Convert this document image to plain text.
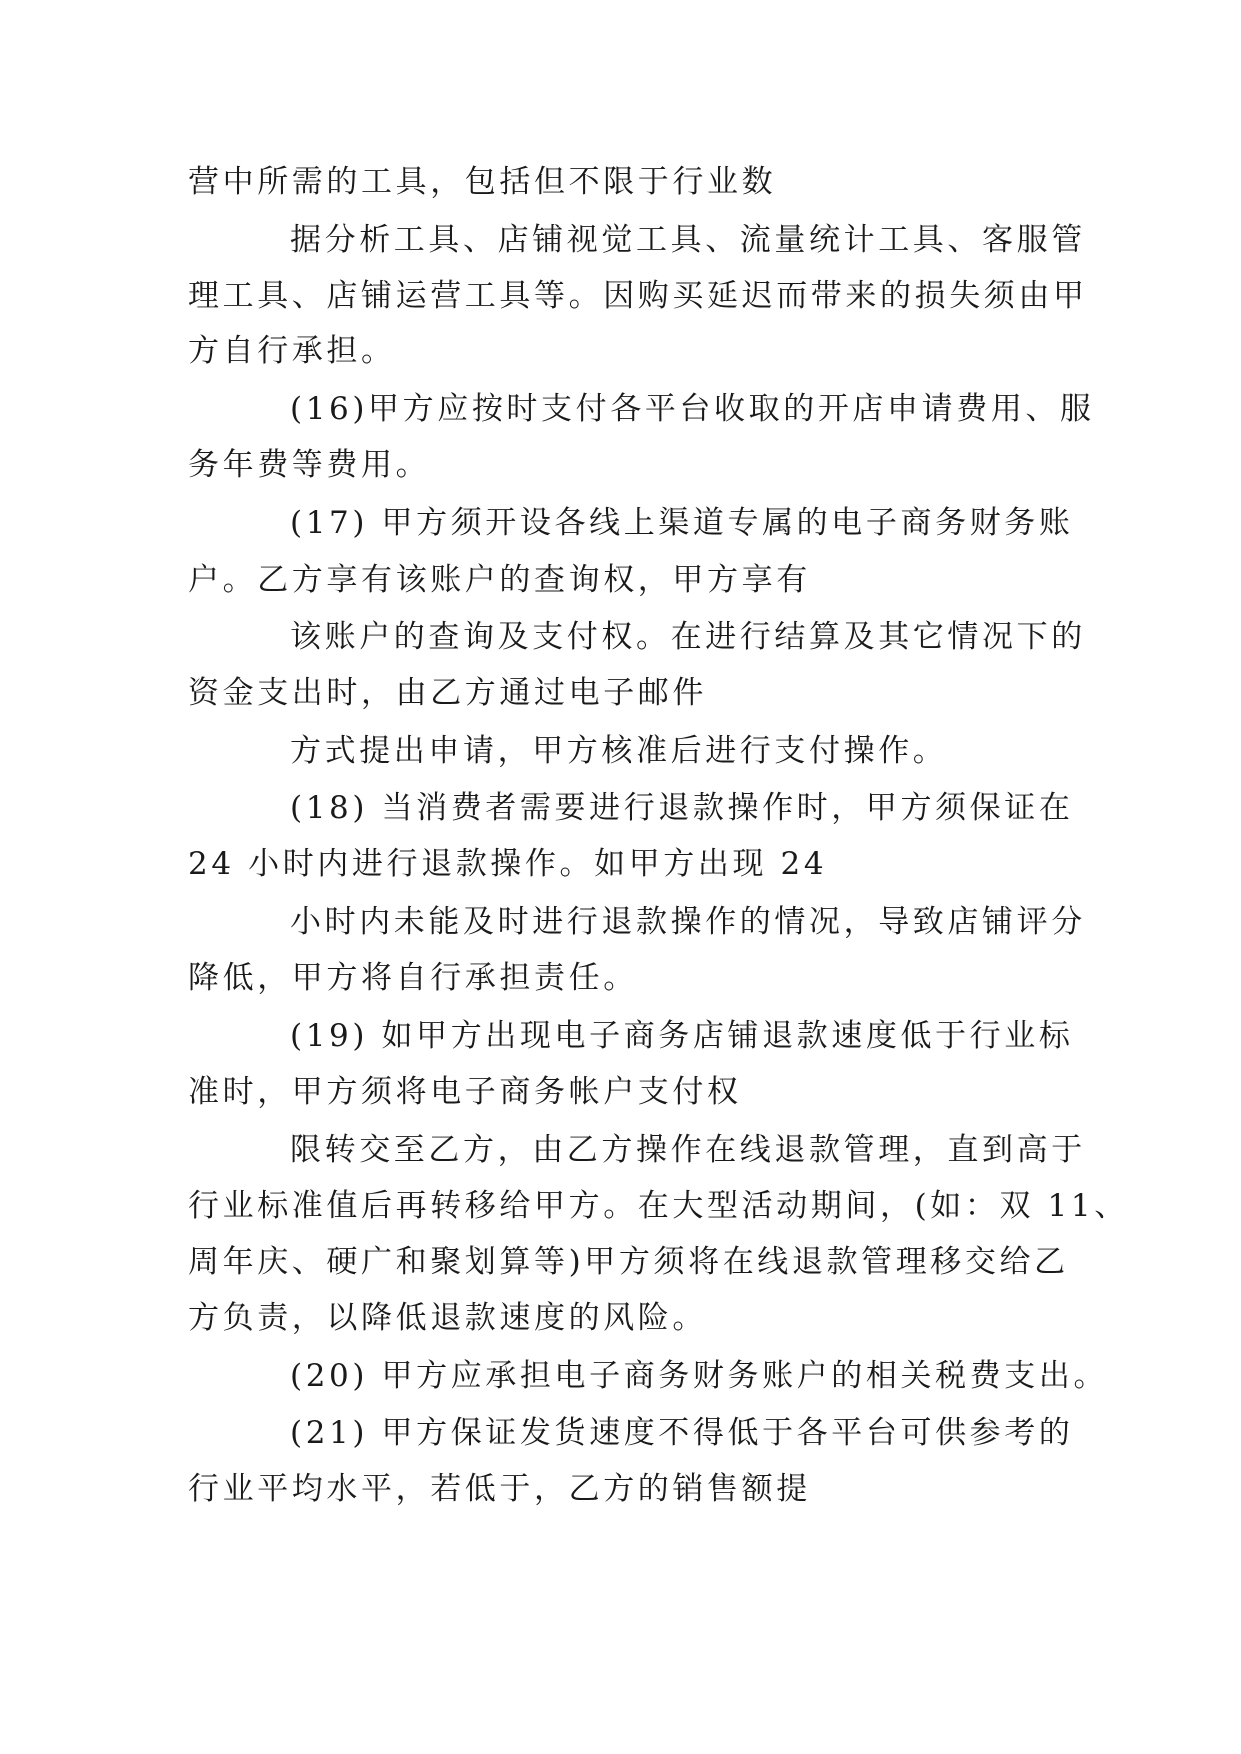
营中所需的工具，包括但不限于行业数

据分析工具、店铺视觉工具、流量统计工具、客服管

理工具、店铺运营工具等。因购买延迟而带来的损失须由甲

方自行承担。

(16)甲方应按时支付各平台收取的开店申请费用、服

务年费等费用。

(17) 甲方须开设各线上渠道专属的电子商务财务账

户。乙方享有该账户的查询权，甲方享有

该账户的查询及支付权。在进行结算及其它情况下的

资金支出时，由乙方通过电子邮件

方式提出申请，甲方核准后进行支付操作。

(18) 当消费者需要进行退款操作时，甲方须保证在

24 小时内进行退款操作。如甲方出现 24

小时内未能及时进行退款操作的情况，导致店铺评分

降低，甲方将自行承担责任。

(19) 如甲方出现电子商务店铺退款速度低于行业标

准时，甲方须将电子商务帐户支付权

限转交至乙方，由乙方操作在线退款管理，直到高于

行业标准值后再转移给甲方。在大型活动期间，(如：双 11、

周年庆、硬广和聚划算等)甲方须将在线退款管理移交给乙

方负责，以降低退款速度的风险。

(20) 甲方应承担电子商务财务账户的相关税费支出。

(21) 甲方保证发货速度不得低于各平台可供参考的

行业平均水平，若低于，乙方的销售额提
